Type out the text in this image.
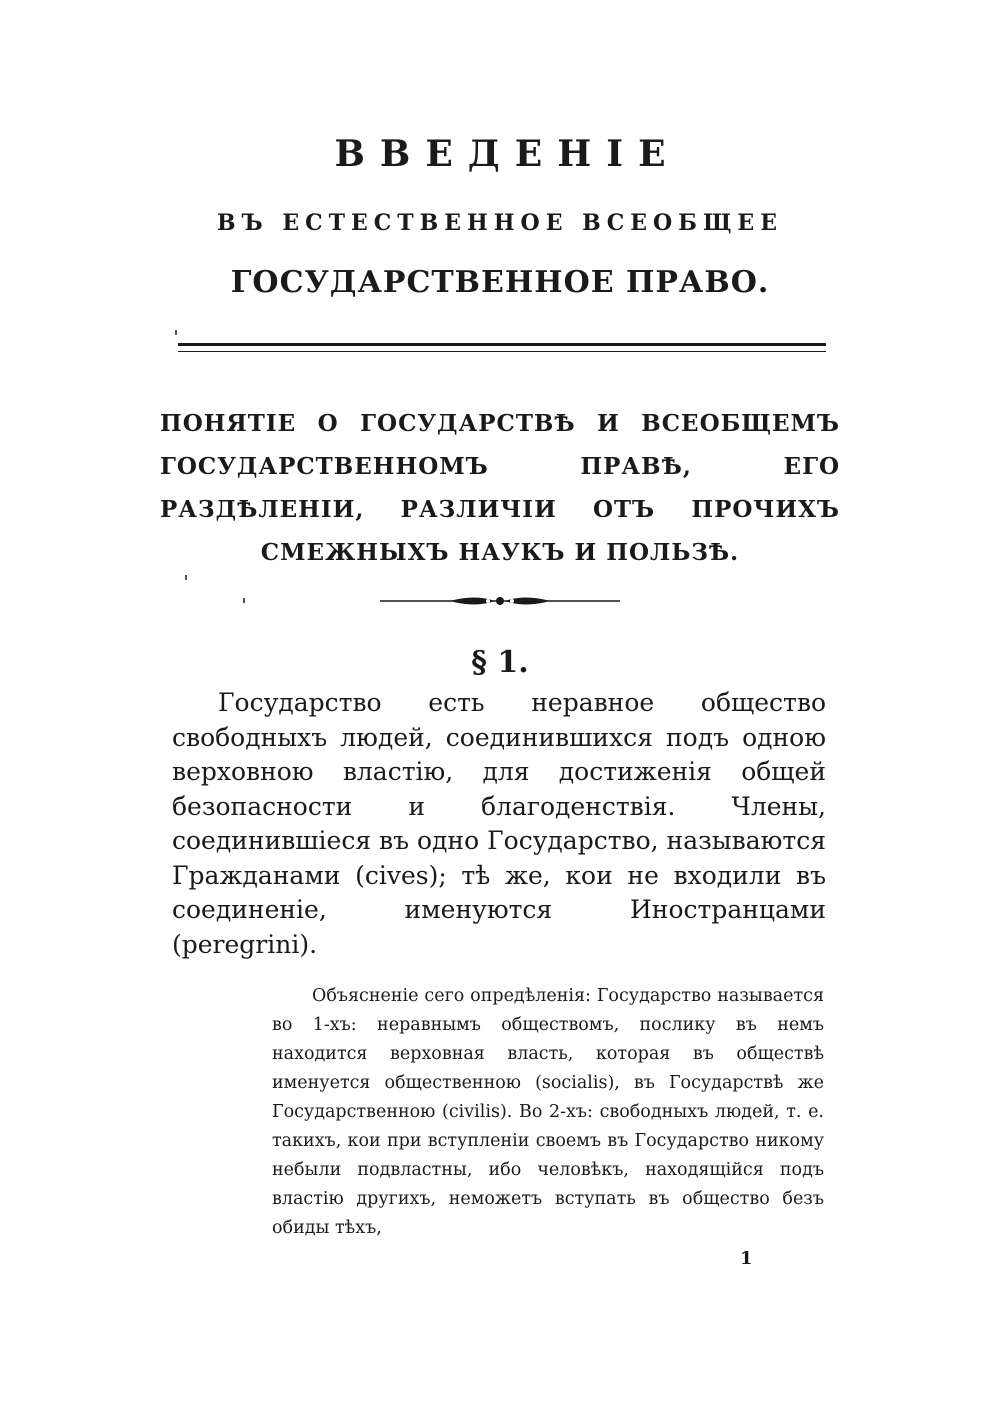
ВВЕДЕНІЕ
ВЪ ЕСТЕСТВЕННОЕ ВСЕОБЩЕЕ
ГОСУДАРСТВЕННОЕ ПРАВО.
ПОНЯТІЕ О ГОСУДАРСТВѢ И ВСЕОБЩЕМЪ ГОСУДАРСТВЕННОМЪ ПРАВѢ, ЕГО РАЗДѢЛЕНІИ, РАЗЛИЧІИ ОТЪ ПРОЧИХЪ СМЕЖНЫХЪ НАУКЪ И ПОЛЬЗѢ.
§ 1.

Государство есть неравное общество свободныхъ людей, соединившихся подъ одною верховною властію, для достиженія общей безопасности и благоденствія. Члены, соединившіеся въ одно Государство, называются Гражданами (cives); тѣ же, кои не входили въ соединеніе, именуются Иностранцами (peregrini).

Объясненіе сего опредѣленія: Государство называется во 1-хъ: неравнымъ обществомъ, послику въ немъ находится верховная власть, которая въ обществѣ именуется общественною (socialis), въ Государствѣ же Государственною (civilis). Во 2-хъ: свободныхъ людей, т. е. такихъ, кои при вступленіи своемъ въ Государство никому небыли подвластны, ибо человѣкъ, находящійся подъ властію другихъ, неможетъ вступать въ общество безъ обиды тѣхъ,

1
